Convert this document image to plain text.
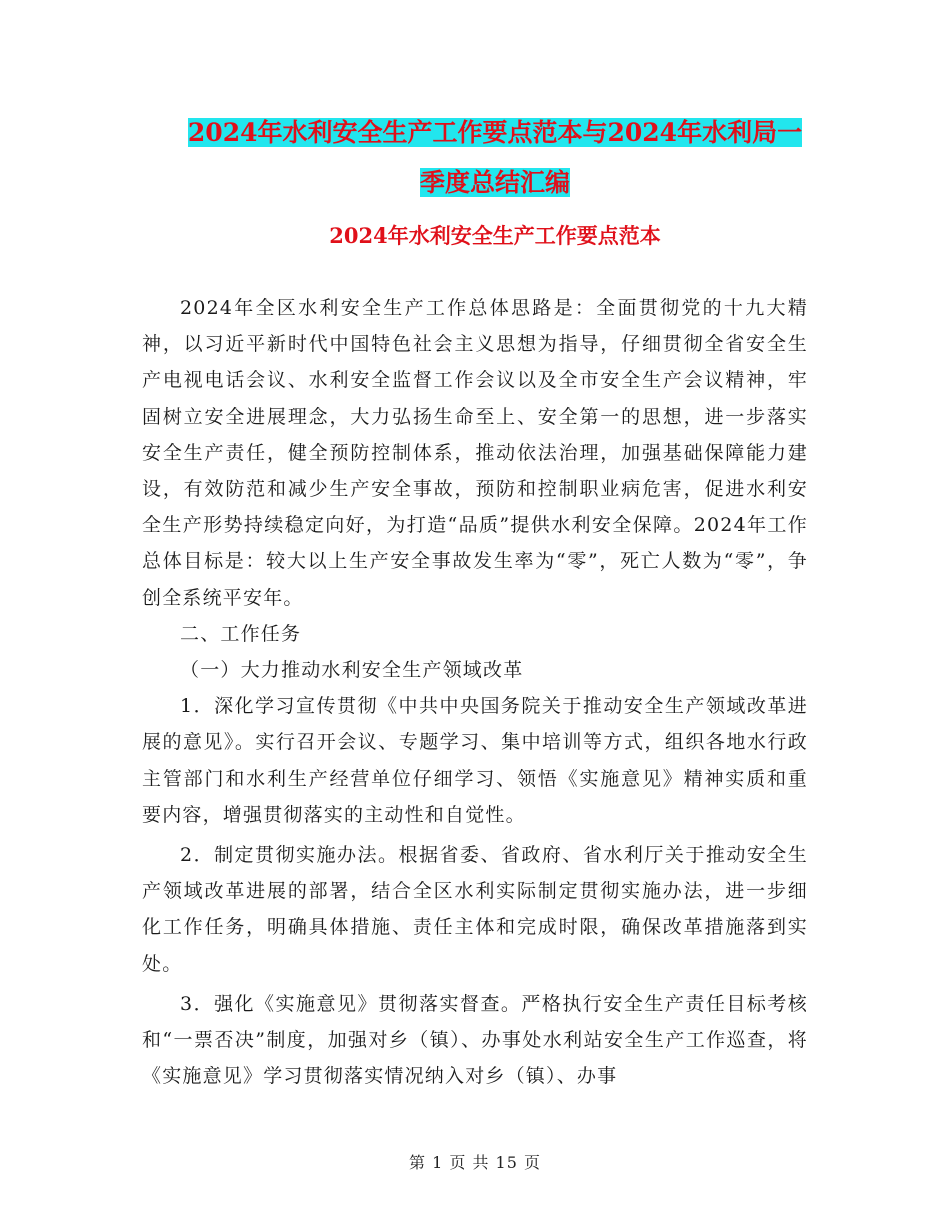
2024年水利安全生产工作要点范本与2024年水利局一
季度总结汇编
2024年水利安全生产工作要点范本

2024年全区水利安全生产工作总体思路是：全面贯彻党的十九大精神，以习近平新时代中国特色社会主义思想为指导，仔细贯彻全省安全生产电视电话会议、水利安全监督工作会议以及全市安全生产会议精神，牢固树立安全进展理念，大力弘扬生命至上、安全第一的思想，进一步落实安全生产责任，健全预防控制体系，推动依法治理，加强基础保障能力建设，有效防范和减少生产安全事故，预防和控制职业病危害，促进水利安全生产形势持续稳定向好，为打造“品质”提供水利安全保障。2024年工作总体目标是：较大以上生产安全事故发生率为“零”，死亡人数为“零”，争创全系统平安年。

二、工作任务

（一）大力推动水利安全生产领域改革

1．深化学习宣传贯彻《中共中央国务院关于推动安全生产领域改革进展的意见》。实行召开会议、专题学习、集中培训等方式，组织各地水行政主管部门和水利生产经营单位仔细学习、领悟《实施意见》精神实质和重要内容，增强贯彻落实的主动性和自觉性。

2．制定贯彻实施办法。根据省委、省政府、省水利厅关于推动安全生产领域改革进展的部署，结合全区水利实际制定贯彻实施办法，进一步细化工作任务，明确具体措施、责任主体和完成时限，确保改革措施落到实处。

3．强化《实施意见》贯彻落实督查。严格执行安全生产责任目标考核和“一票否决”制度，加强对乡（镇）、办事处水利站安全生产工作巡查，将《实施意见》学习贯彻落实情况纳入对乡（镇）、办事

第 1 页 共 15 页
